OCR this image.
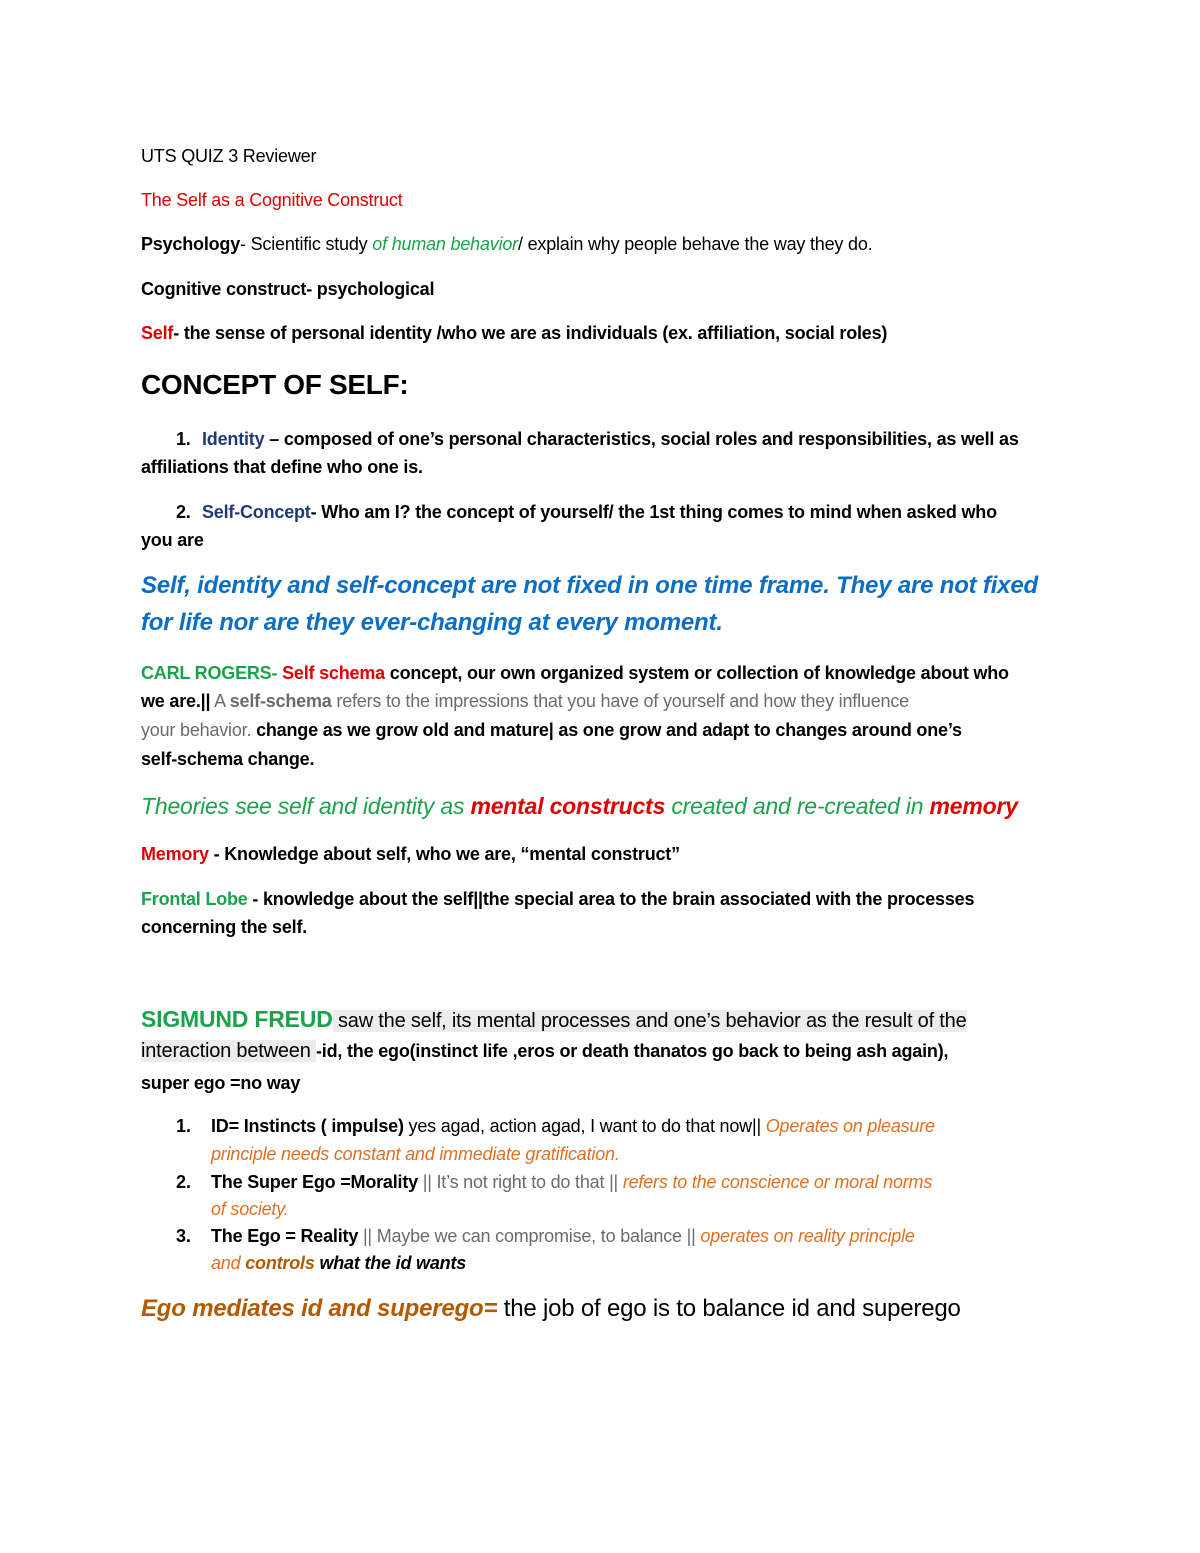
UTS QUIZ 3 Reviewer
The Self as a Cognitive Construct
Psychology- Scientific study of human behavior/ explain why people behave the way they do.
Cognitive construct- psychological
Self- the sense of personal identity /who we are as individuals (ex. affiliation, social roles)
CONCEPT OF SELF:
1. Identity – composed of one’s personal characteristics, social roles and responsibilities, as well as
affiliations that define who one is.
2. Self-Concept- Who am I? the concept of yourself/ the 1st thing comes to mind when asked who
you are
Self, identity and self-concept are not fixed in one time frame. They are not fixed
for life nor are they ever-changing at every moment.
CARL ROGERS- Self schema concept, our own organized system or collection of knowledge about who
we are.|| A self-schema refers to the impressions that you have of yourself and how they influence
your behavior. change as we grow old and mature| as one grow and adapt to changes around one’s
self-schema change.
Theories see self and identity as mental constructs created and re-created in memory
Memory - Knowledge about self, who we are, “mental construct”
Frontal Lobe - knowledge about the self||the special area to the brain associated with the processes
concerning the self.
SIGMUND FREUD saw the self, its mental processes and one’s behavior as the result of the
interaction between -id, the ego(instinct life ,eros or death thanatos go back to being ash again),
super ego =no way
1. ID= Instincts ( impulse) yes agad, action agad, I want to do that now|| Operates on pleasure
principle needs constant and immediate gratification.
2. The Super Ego =Morality || It’s not right to do that || refers to the conscience or moral norms
of society.
3. The Ego = Reality || Maybe we can compromise, to balance || operates on reality principle
and controls what the id wants
Ego mediates id and superego= the job of ego is to balance id and superego
